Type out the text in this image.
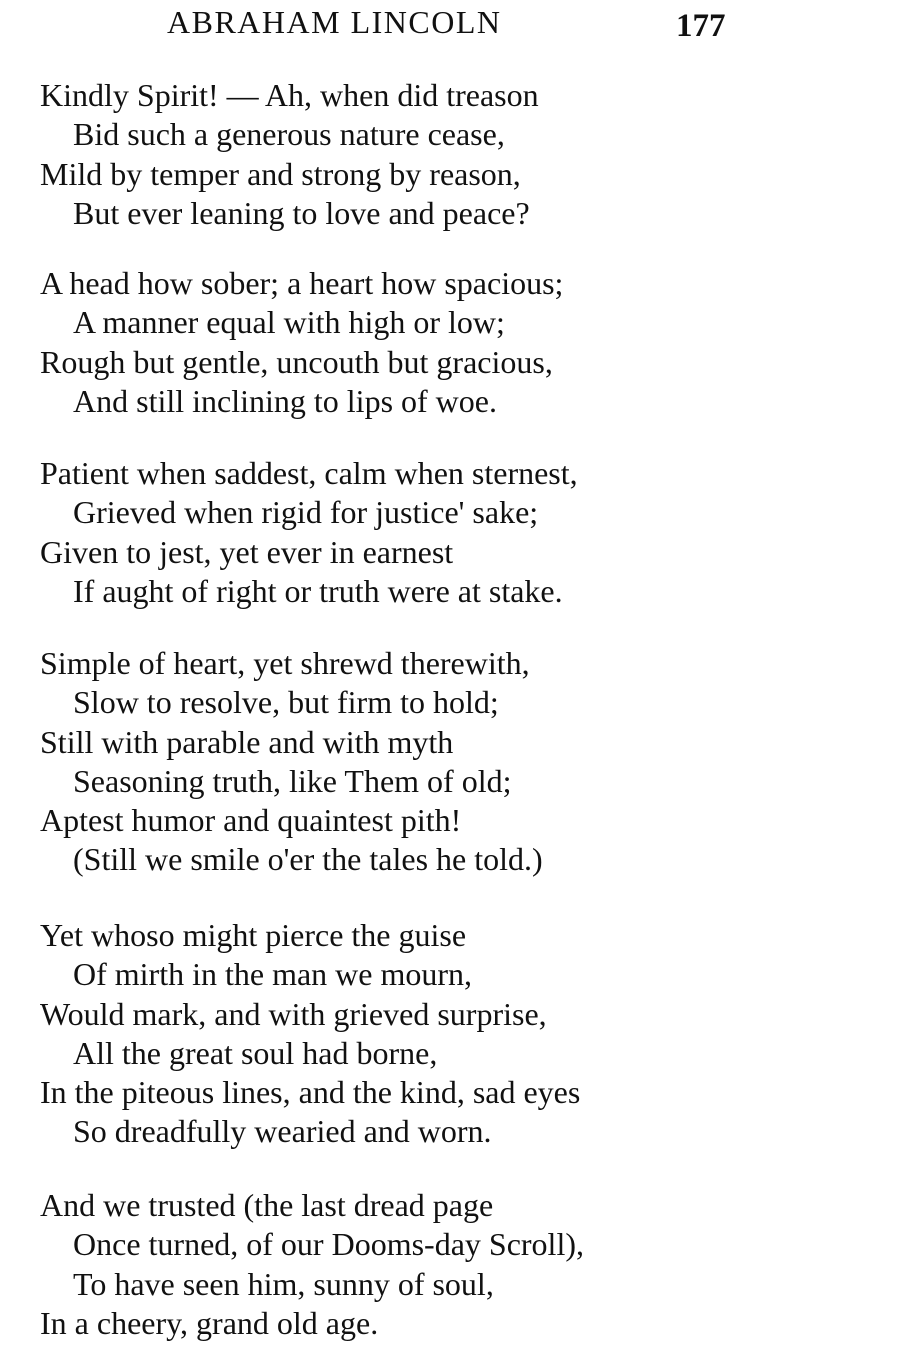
ABRAHAM LINCOLN	177
Kindly Spirit! — Ah, when did treason
Bid such a generous nature cease,
Mild by temper and strong by reason,
But ever leaning to love and peace?
A head how sober; a heart how spacious;
A manner equal with high or low;
Rough but gentle, uncouth but gracious,
And still inclining to lips of woe.
Patient when saddest, calm when sternest,
Grieved when rigid for justice' sake;
Given to jest, yet ever in earnest
If aught of right or truth were at stake.
Simple of heart, yet shrewd therewith,
Slow to resolve, but firm to hold;
Still with parable and with myth
Seasoning truth, like Them of old;
Aptest humor and quaintest pith!
(Still we smile o'er the tales he told.)
Yet whoso might pierce the guise
Of mirth in the man we mourn,
Would mark, and with grieved surprise,
All the great soul had borne,
In the piteous lines, and the kind, sad eyes
So dreadfully wearied and worn.
And we trusted (the last dread page
Once turned, of our Dooms-day Scroll),
To have seen him, sunny of soul,
In a cheery, grand old age.
